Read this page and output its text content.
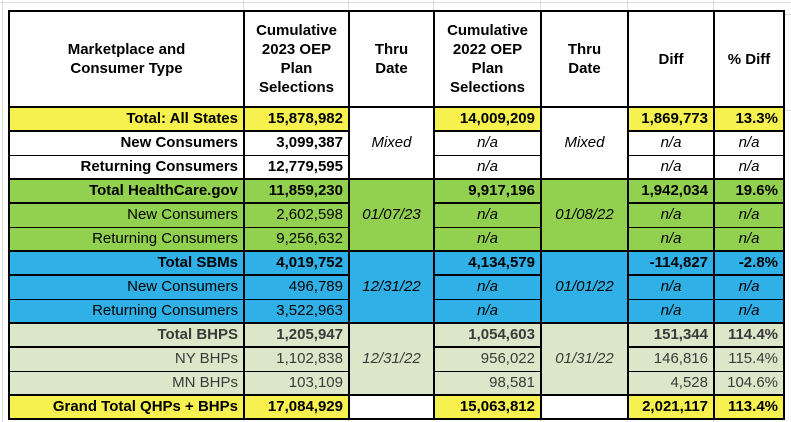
Marketplace and Consumer Type	Cumulative 2023 OEP Plan Selections	Thru Date	Cumulative 2022 OEP Plan Selections	Thru Date	Diff	% Diff

Total: All States	15,878,982	Mixed	14,009,209	Mixed	1,869,773	13.3%
New Consumers	3,099,387		n/a		n/a	n/a
Returning Consumers	12,779,595		n/a		n/a	n/a
Total HealthCare.gov	11,859,230	01/07/23	9,917,196	01/08/22	1,942,034	19.6%
New Consumers	2,602,598		n/a		n/a	n/a
Returning Consumers	9,256,632		n/a		n/a	n/a
Total SBMs	4,019,752	12/31/22	4,134,579	01/01/22	-114,827	-2.8%
New Consumers	496,789		n/a		n/a	n/a
Returning Consumers	3,522,963		n/a		n/a	n/a
Total BHPS	1,205,947	12/31/22	1,054,603	01/31/22	151,344	114.4%
NY BHPs	1,102,838		956,022		146,816	115.4%
MN BHPs	103,109		98,581		4,528	104.6%
Grand Total QHPs + BHPs	17,084,929		15,063,812		2,021,117	113.4%
